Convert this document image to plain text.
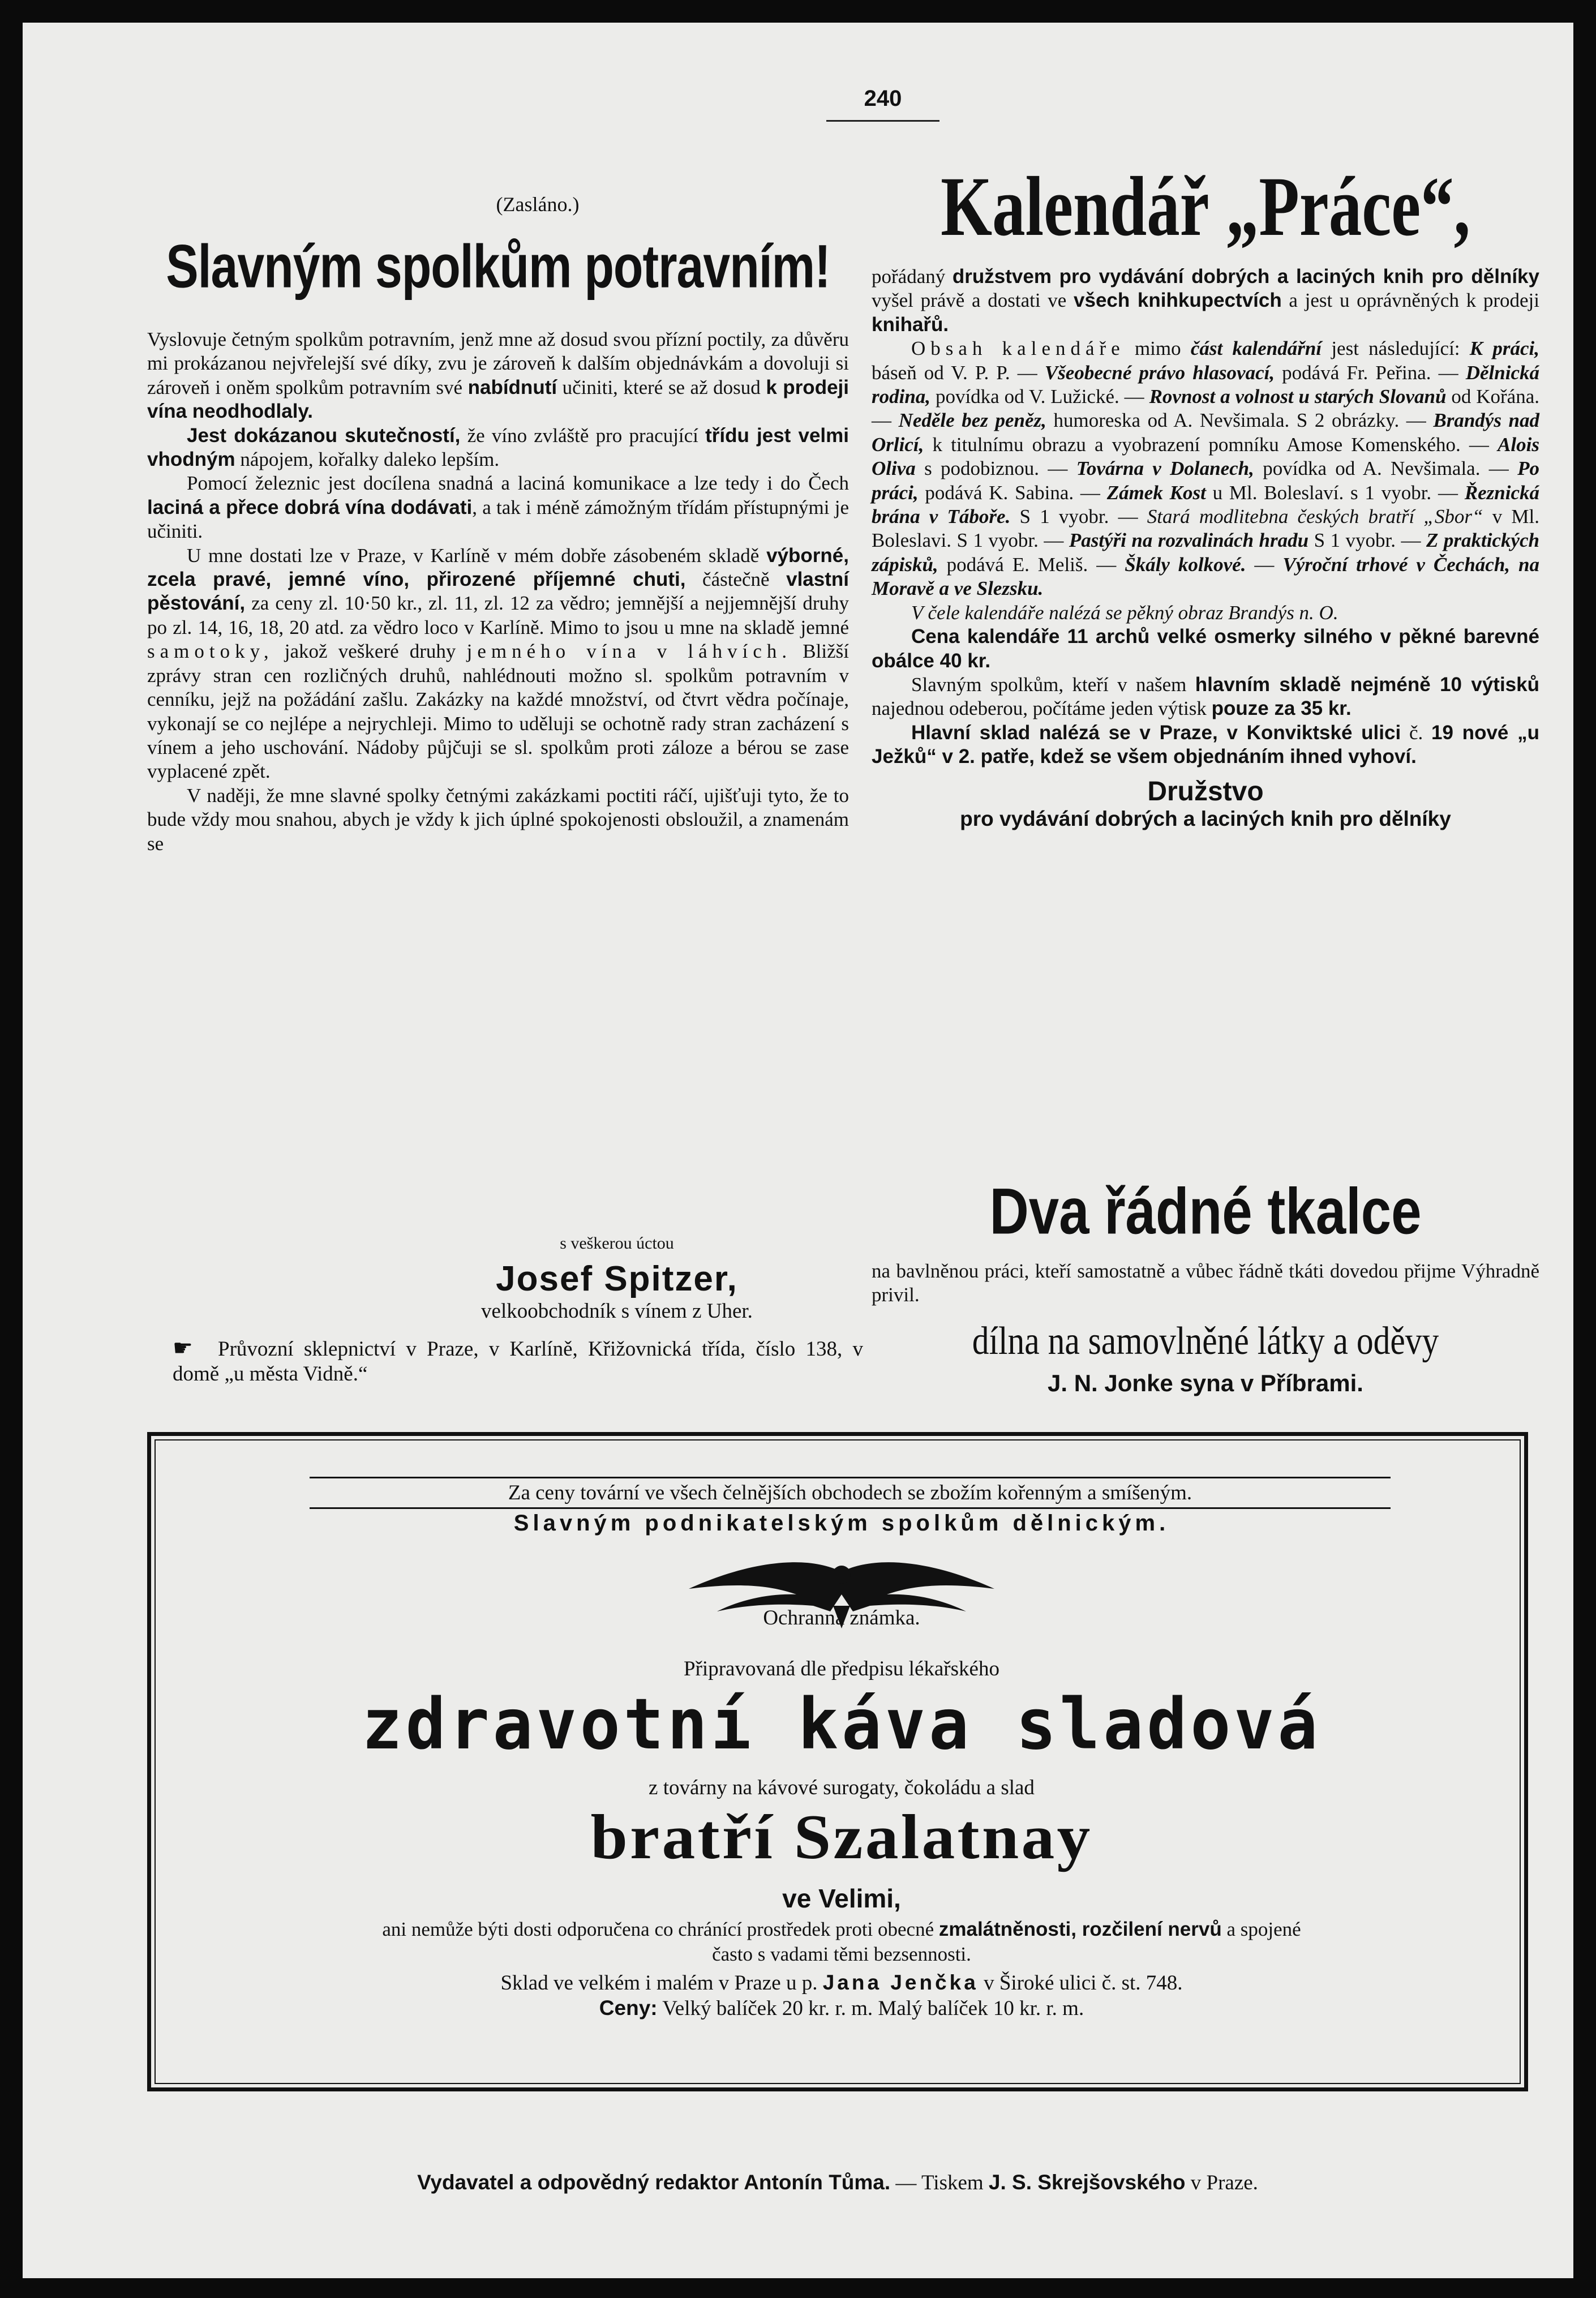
240
(Zasláno.)
Slavným spolkům potravním!

Vyslovuje četným spolkům potravním, jenž mne až dosud svou přízní poctily, za důvěru mi prokázanou nejvřelejší své díky, zvu je zároveň k dalším objednávkám a dovoluji si zároveň i oněm spolkům potravním své nabídnutí učiniti, které se až dosud k prodeji vína neodhodlaly.

Jest dokázanou skutečností, že víno zvláště pro pracující třídu jest velmi vhodným nápojem, kořalky daleko lepším.

Pomocí železnic jest docílena snadná a laciná komunikace a lze tedy i do Čech laciná a přece dobrá vína dodávati, a tak i méně zámožným třídám přístupnými je učiniti.

U mne dostati lze v Praze, v Karlíně v mém dobře zásobeném skladě výborné, zcela pravé, jemné víno, přirozené příjemné chuti, částečně vlastní pěstování, za ceny zl. 10·50 kr., zl. 11, zl. 12 za vědro; jemnější a nejjemnější druhy po zl. 14, 16, 18, 20 atd. za vědro loco v Karlíně. Mimo to jsou u mne na skladě jemné samotoky, jakož veškeré druhy jemného vína v láhvích. Bližší zprávy stran cen rozličných druhů, nahlédnouti možno sl. spolkům potravním v cenníku, jejž na požádání zašlu. Zakázky na každé množství, od čtvrt vědra počínaje, vykonají se co nejlépe a nejrychleji. Mimo to uděluji se ochotně rady stran zacházení s vínem a jeho uschování. Nádoby půjčuji se sl. spolkům proti záloze a bérou se zase vyplacené zpět.

V naději, že mne slavné spolky četnými zakázkami poctiti ráčí, ujišťuji tyto, že to bude vždy mou snahou, abych je vždy k jich úplné spokojenosti obsloužil, a znamenám se

s veškerou úctou
Josef Spitzer,
velkoobchodník s vínem z Uher.
☛ Průvozní sklepnictví v Praze, v Karlíně, Křižovnická třída, číslo 138, v domě „u města Vidně.“
Kalendář „Práce“,

pořádaný družstvem pro vydávání dobrých a laciných knih pro dělníky vyšel právě a dostati ve všech knihkupectvích a jest u oprávněných k prodeji knihařů.

Obsah kalendáře mimo část kalendářní jest následující: K práci, báseň od V. P. P. — Všeobecné právo hlasovací, podává Fr. Peřina. — Dělnická rodina, povídka od V. Lužické. — Rovnost a volnost u starých Slovanů od Kořána. — Neděle bez peněz, humoreska od A. Nevšimala. S 2 obrázky. — Brandýs nad Orlicí, k titulnímu obrazu a vyobrazení pomníku Amose Komenského. — Alois Oliva s podobiznou. — Továrna v Dolanech, povídka od A. Nevšimala. — Po práci, podává K. Sabina. — Zámek Kost u Ml. Boleslaví. s 1 vyobr. — Řeznická brána v Táboře. S 1 vyobr. — Stará modlitebna českých bratří „Sbor“ v Ml. Boleslavi. S 1 vyobr. — Pastýři na rozvalinách hradu S 1 vyobr. — Z praktických zápisků, podává E. Meliš. — Škály kolkové. — Výroční trhové v Čechách, na Moravě a ve Slezsku.

V čele kalendáře nalézá se pěkný obraz Brandýs n. O.

Cena kalendáře 11 archů velké osmerky silného v pěkné barevné obálce 40 kr.

Slavným spolkům, kteří v našem hlavním skladě nejméně 10 výtisků najednou odeberou, počítáme jeden výtisk pouze za 35 kr.

Hlavní sklad nalézá se v Praze, v Konviktské ulici č. 19 nové „u Ježků“ v 2. patře, kdež se všem objednáním ihned vyhoví.

Družstvo
pro vydávání dobrých a laciných knih pro dělníky
Dva řádné tkalce

na bavlněnou práci, kteří samostatně a vůbec řádně tkáti dovedou přijme Výhradně privil.

dílna na samovlněné látky a oděvy
J. N. Jonke syna v Příbrami.
Za ceny tovární ve všech čelnějších obchodech se zbožím kořenným a smíšeným.
Slavným podnikatelským spolkům dělnickým.
Ochranná známka.
Připravovaná dle předpisu lékařského
zdravotní káva sladová
z továrny na kávové surogaty, čokoládu a slad
bratří Szalatnay
ve Velimi,
ani nemůže býti dosti odporučena co chránící prostředek proti obecné zmalátněnosti, rozčilení nervů a spojené často s vadami těmi bezsennosti.
Sklad ve velkém i malém v Praze u p. Jana Jenčka v Široké ulici č. st. 748.
Ceny: Velký balíček 20 kr. r. m. Malý balíček 10 kr. r. m.
Vydavatel a odpovědný redaktor Antonín Tůma. — Tiskem J. S. Skrejšovského v Praze.
